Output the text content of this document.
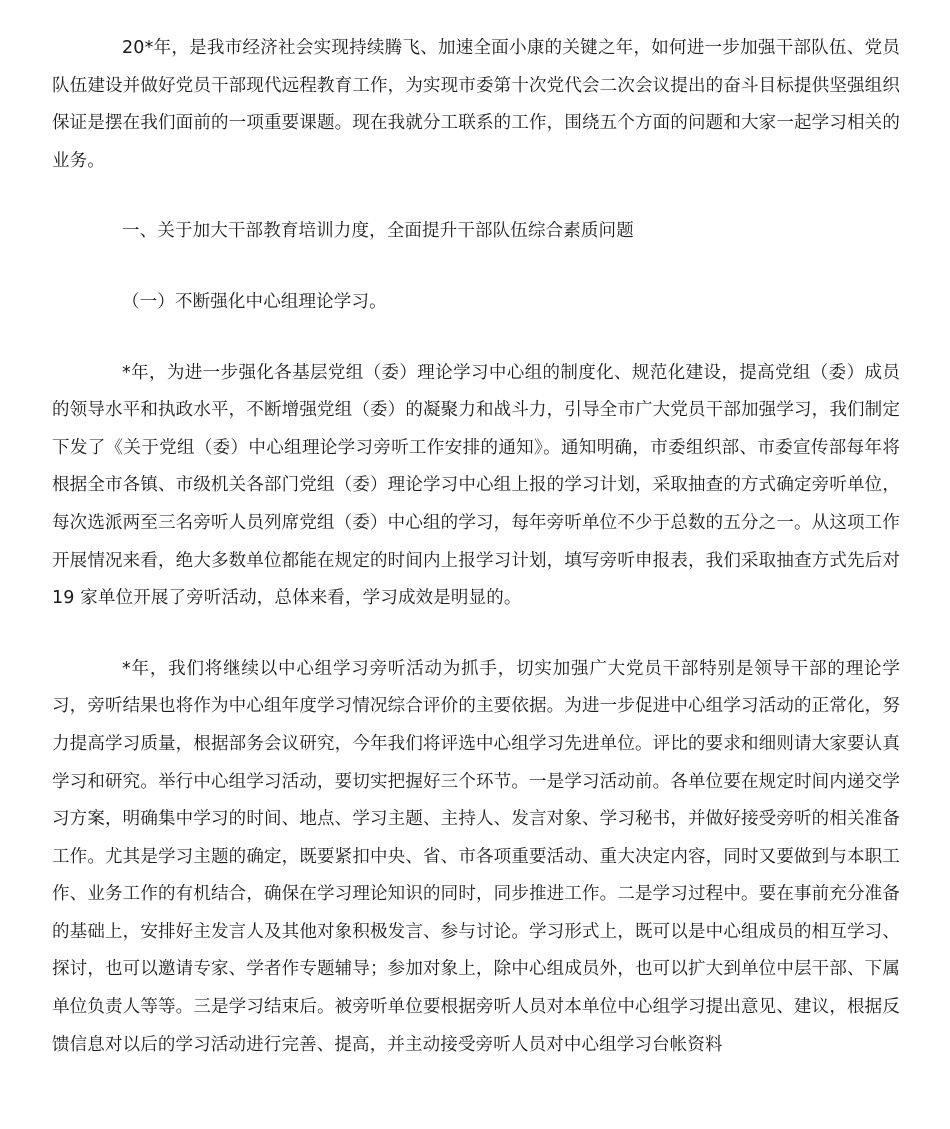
20*年，是我市经济社会实现持续腾飞、加速全面小康的关键之年，如何进一步加强干部队伍、党员队伍建设并做好党员干部现代远程教育工作，为实现市委第十次党代会二次会议提出的奋斗目标提供坚强组织保证是摆在我们面前的一项重要课题。现在我就分工联系的工作，围绕五个方面的问题和大家一起学习相关的业务。

一、关于加大干部教育培训力度，全面提升干部队伍综合素质问题

（一）不断强化中心组理论学习。

*年，为进一步强化各基层党组（委）理论学习中心组的制度化、规范化建设，提高党组（委）成员的领导水平和执政水平，不断增强党组（委）的凝聚力和战斗力，引导全市广大党员干部加强学习，我们制定下发了《关于党组（委）中心组理论学习旁听工作安排的通知》。通知明确，市委组织部、市委宣传部每年将根据全市各镇、市级机关各部门党组（委）理论学习中心组上报的学习计划，采取抽查的方式确定旁听单位，每次选派两至三名旁听人员列席党组（委）中心组的学习，每年旁听单位不少于总数的五分之一。从这项工作开展情况来看，绝大多数单位都能在规定的时间内上报学习计划，填写旁听申报表，我们采取抽查方式先后对 19 家单位开展了旁听活动，总体来看，学习成效是明显的。

*年，我们将继续以中心组学习旁听活动为抓手，切实加强广大党员干部特别是领导干部的理论学习，旁听结果也将作为中心组年度学习情况综合评价的主要依据。为进一步促进中心组学习活动的正常化，努力提高学习质量，根据部务会议研究，今年我们将评选中心组学习先进单位。评比的要求和细则请大家要认真学习和研究。举行中心组学习活动，要切实把握好三个环节。一是学习活动前。各单位要在规定时间内递交学习方案，明确集中学习的时间、地点、学习主题、主持人、发言对象、学习秘书，并做好接受旁听的相关准备工作。尤其是学习主题的确定，既要紧扣中央、省、市各项重要活动、重大决定内容，同时又要做到与本职工作、业务工作的有机结合，确保在学习理论知识的同时，同步推进工作。二是学习过程中。要在事前充分准备的基础上，安排好主发言人及其他对象积极发言、参与讨论。学习形式上，既可以是中心组成员的相互学习、探讨，也可以邀请专家、学者作专题辅导；参加对象上，除中心组成员外，也可以扩大到单位中层干部、下属单位负责人等等。三是学习结束后。被旁听单位要根据旁听人员对本单位中心组学习提出意见、建议，根据反馈信息对以后的学习活动进行完善、提高，并主动接受旁听人员对中心组学习台帐资料
